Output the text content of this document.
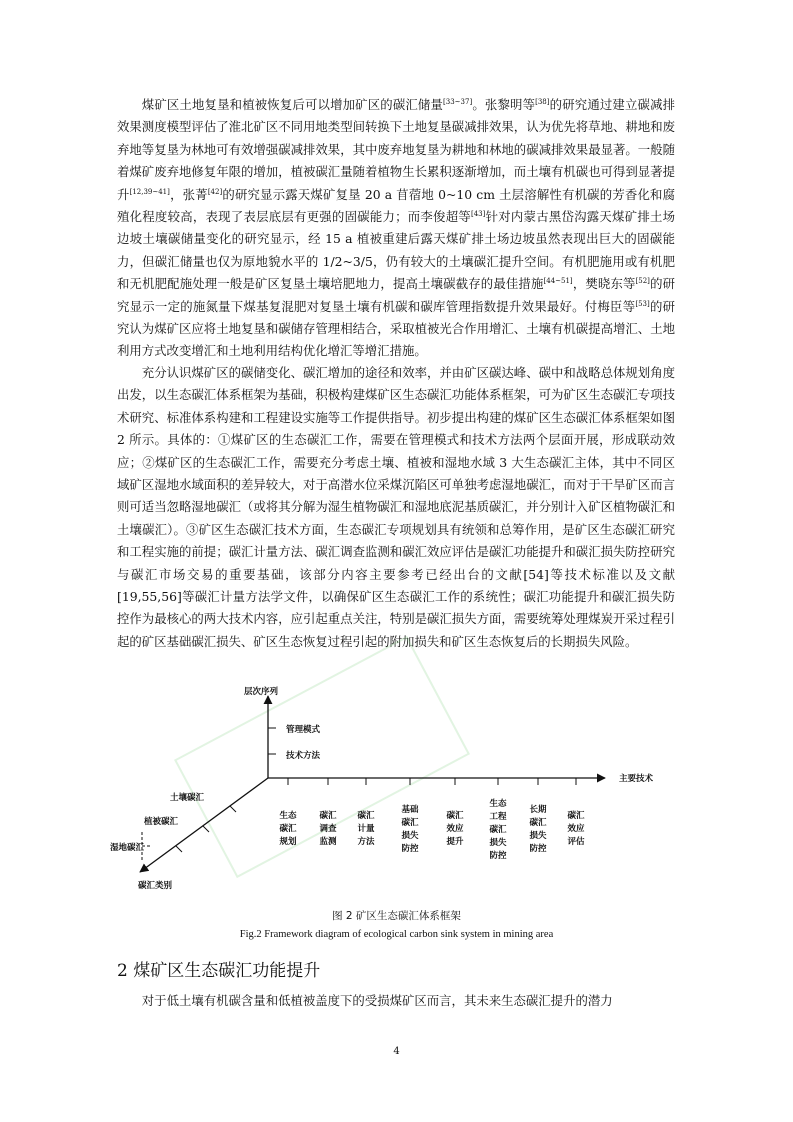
煤矿区土地复垦和植被恢复后可以增加矿区的碳汇储量[33~37]。张黎明等[38]的研究通过建立碳减排效果测度模型评估了淮北矿区不同用地类型间转换下土地复垦碳减排效果，认为优先将草地、耕地和废弃地等复垦为林地可有效增强碳减排效果，其中废弃地复垦为耕地和林地的碳减排效果最显著。一般随着煤矿废弃地修复年限的增加，植被碳汇量随着植物生长累积逐渐增加，而土壤有机碳也可得到显著提升[12,39~41]，张菁[42]的研究显示露天煤矿复垦 20 a 苜蓿地 0~10 cm 土层溶解性有机碳的芳香化和腐殖化程度较高，表现了表层底层有更强的固碳能力；而李俊超等[43]针对内蒙古黑岱沟露天煤矿排土场边坡土壤碳储量变化的研究显示，经 15 a 植被重建后露天煤矿排土场边坡虽然表现出巨大的固碳能力，但碳汇储量也仅为原地貌水平的 1/2~3/5，仍有较大的土壤碳汇提升空间。有机肥施用或有机肥和无机肥配施处理一般是矿区复垦土壤培肥地力，提高土壤碳截存的最佳措施[44~51]，樊晓东等[52]的研究显示一定的施氮量下煤基复混肥对复垦土壤有机碳和碳库管理指数提升效果最好。付梅臣等[53]的研究认为煤矿区应将土地复垦和碳储存管理相结合，采取植被光合作用增汇、土壤有机碳提高增汇、土地利用方式改变增汇和土地利用结构优化增汇等增汇措施。

充分认识煤矿区的碳储变化、碳汇增加的途径和效率，并由矿区碳达峰、碳中和战略总体规划角度出发，以生态碳汇体系框架为基础，积极构建煤矿区生态碳汇功能体系框架，可为矿区生态碳汇专项技术研究、标准体系构建和工程建设实施等工作提供指导。初步提出构建的煤矿区生态碳汇体系框架如图 2 所示。具体的：①煤矿区的生态碳汇工作，需要在管理模式和技术方法两个层面开展，形成联动效应；②煤矿区的生态碳汇工作，需要充分考虑土壤、植被和湿地水域 3 大生态碳汇主体，其中不同区域矿区湿地水域面积的差异较大，对于高潜水位采煤沉陷区可单独考虑湿地碳汇，而对于干旱矿区而言则可适当忽略湿地碳汇（或将其分解为湿生植物碳汇和湿地底泥基质碳汇，并分别计入矿区植物碳汇和土壤碳汇）。③矿区生态碳汇技术方面，生态碳汇专项规划具有统领和总筹作用，是矿区生态碳汇研究和工程实施的前提；碳汇计量方法、碳汇调查监测和碳汇效应评估是碳汇功能提升和碳汇损失防控研究与碳汇市场交易的重要基础，该部分内容主要参考已经出台的文献[54]等技术标准以及文献[19,55,56]等碳汇计量方法学文件，以确保矿区生态碳汇工作的系统性；碳汇功能提升和碳汇损失防控作为最核心的两大技术内容，应引起重点关注，特别是碳汇损失方面，需要统筹处理煤炭开采过程引起的矿区基础碳汇损失、矿区生态恢复过程引起的附加损失和矿区生态恢复后的长期损失风险。

层次序列
主要技术
碳汇类别
管理模式
技术方法
土壤碳汇
植被碳汇
湿地碳汇
生态碳汇规划
碳汇调查监测
碳汇计量方法
基础碳汇损失防控
碳汇效应提升
生态工程碳汇损失防控
长期碳汇损失防控
碳汇效应评估
图 2 矿区生态碳汇体系框架
Fig.2 Framework diagram of ecological carbon sink system in mining area
2 煤矿区生态碳汇功能提升

对于低土壤有机碳含量和低植被盖度下的受损煤矿区而言，其未来生态碳汇提升的潜力

4
